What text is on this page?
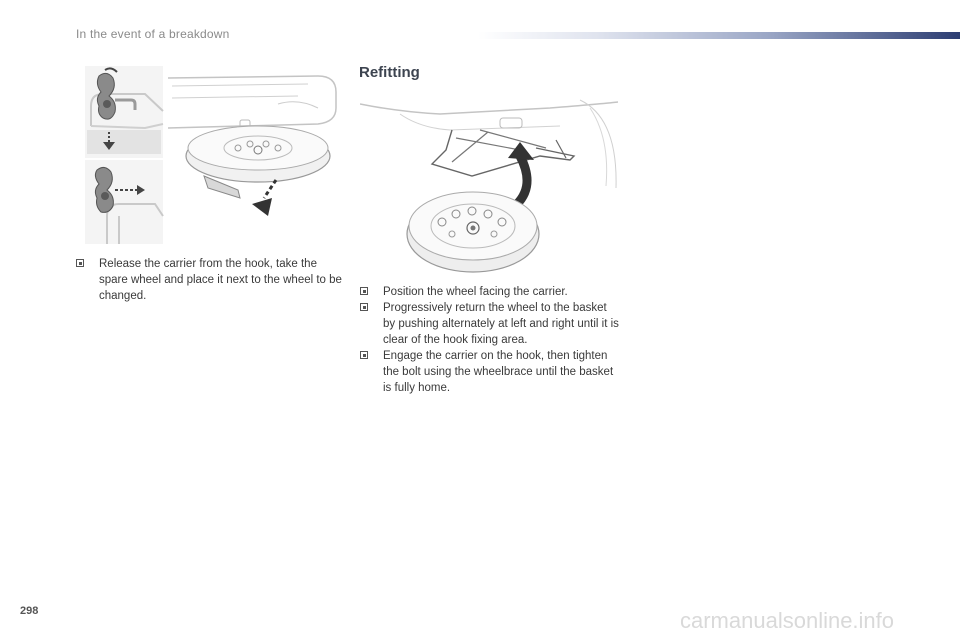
In the event of a breakdown
Release the carrier from the hook, take the spare wheel and place it next to the wheel to be changed.
Refitting
Position the wheel facing the carrier.
Progressively return the wheel to the basket by pushing alternately at left and right until it is clear of the hook fixing area.
Engage the carrier on the hook, then tighten the bolt using the wheelbrace until the basket is fully home.
298	carmanualsonline.info
